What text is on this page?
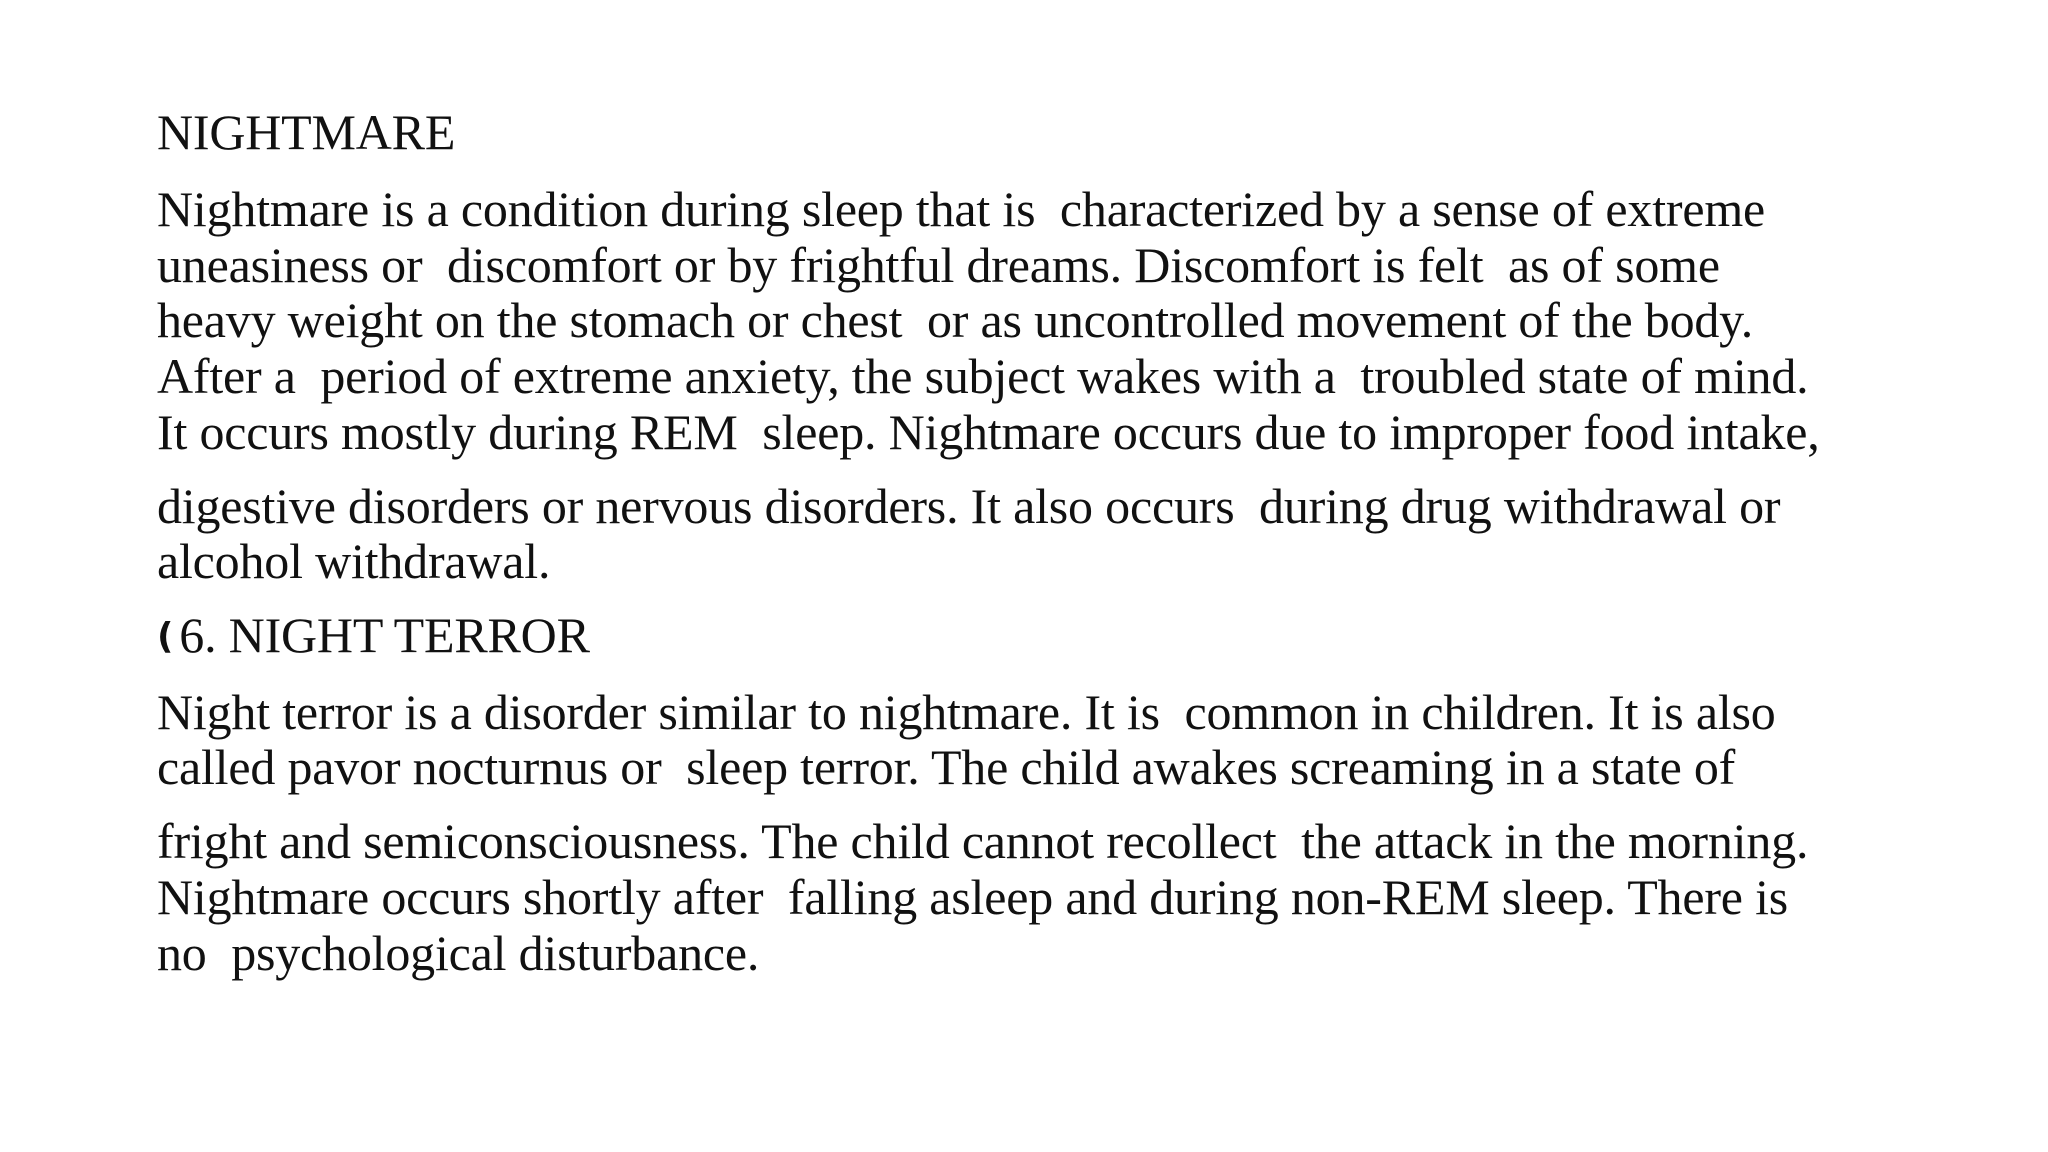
NIGHTMARE
Nightmare is a condition during sleep that is  characterized by a sense of extreme
uneasiness or  discomfort or by frightful dreams. Discomfort is felt  as of some
heavy weight on the stomach or chest  or as uncontrolled movement of the body.
After a  period of extreme anxiety, the subject wakes with a  troubled state of mind.
It occurs mostly during REM  sleep. Nightmare occurs due to improper food intake,
digestive disorders or nervous disorders. It also occurs  during drug withdrawal or
alcohol withdrawal.
( 6. NIGHT TERROR
Night terror is a disorder similar to nightmare. It is  common in children. It is also
called pavor nocturnus or  sleep terror. The child awakes screaming in a state of
fright and semiconsciousness. The child cannot recollect  the attack in the morning.
Nightmare occurs shortly after  falling asleep and during non-REM sleep. There is
no  psychological disturbance.
